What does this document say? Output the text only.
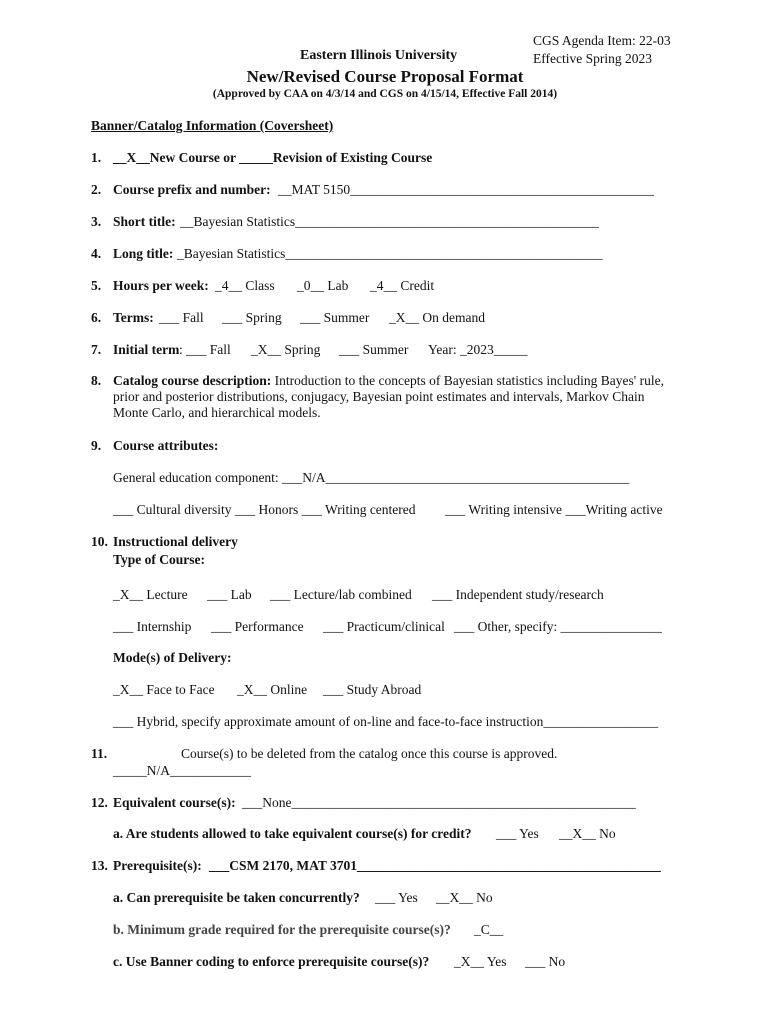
CGS Agenda Item: 22-03
Effective Spring 2023
Eastern Illinois University
New/Revised Course Proposal Format
(Approved by CAA on 4/3/14 and CGS on 4/15/14, Effective Fall 2014)
Banner/Catalog Information (Coversheet)
1. __X__New Course or _____Revision of Existing Course
2. Course prefix and number: __MAT 5150_____________________________________________
3. Short title: __Bayesian Statistics_____________________________________________
4. Long title: _Bayesian Statistics_______________________________________________
5. Hours per week: _4__ Class _0__ Lab _4__ Credit
6. Terms: ___ Fall ___ Spring ___ Summer _X__ On demand
7. Initial term : ___ Fall _X__ Spring ___ Summer Year: _2023_____
8. Catalog course description: Introduction to the concepts of Bayesian statistics including Bayes' rule, prior and posterior distributions, conjugacy, Bayesian point estimates and intervals, Markov Chain Monte Carlo, and hierarchical models.
9. Course attributes:
General education component: ___N/A_____________________________________________
___ Cultural diversity ___ Honors ___ Writing centered ___ Writing intensive ___Writing active
10. Instructional delivery
Type of Course:
_X__ Lecture ___ Lab ___ Lecture/lab combined ___ Independent study/research
___ Internship ___ Performance ___ Practicum/clinical ___ Other, specify: _______________
Mode(s) of Delivery:
_X__ Face to Face _X__ Online ___ Study Abroad
___ Hybrid, specify approximate amount of on-line and face-to-face instruction_________________
11.	Course(s) to be deleted from the catalog once this course is approved.
_____N/A____________
12. Equivalent course(s): ___None___________________________________________________
a. Are students allowed to take equivalent course(s) for credit? ___ Yes __X__ No
13. Prerequisite(s): ___CSM 2170, MAT 3701_____________________________________________
a. Can prerequisite be taken concurrently? ___ Yes __X__ No
b. Minimum grade required for the prerequisite course(s)? _C__
c. Use Banner coding to enforce prerequisite course(s)? _X__ Yes ___ No
